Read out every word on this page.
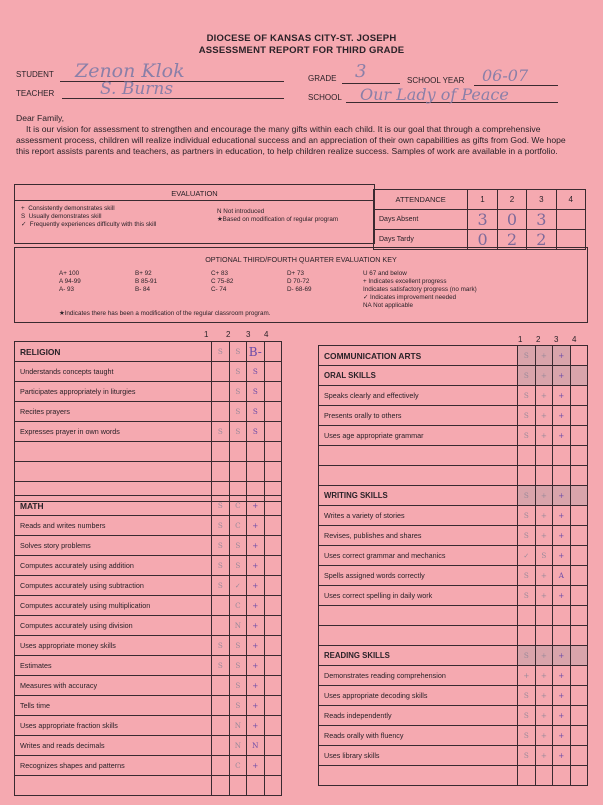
DIOCESE OF KANSAS CITY-ST. JOSEPH
ASSESSMENT REPORT FOR THIRD GRADE
STUDENT Zenon Klok	GRADE 3	SCHOOL YEAR 06-07
TEACHER	S. Burns	SCHOOL Our Lady of Peace
Dear Family,
It is our vision for assessment to strengthen and encourage the many gifts within each child. It is our goal that through a comprehensive assessment process, children will realize individual educational success and an appreciation of their own capabilities as gifts from God. We hope this report assists parents and teachers, as partners in education, to help children realize success. Samples of work are available in a portfolio.
EVALUATION
+ Consistently demonstrates skill
S Usually demonstrates skill
✓ Frequently experiences difficulty with this skill
N Not introduced
★Based on modification of regular program
ATTENDANCE	1	2	3	4
Days Absent	3	0	3	
Days Tardy	0	2	2	
OPTIONAL THIRD/FOURTH QUARTER EVALUATION KEY
A+ 100
A 94-99
A- 93
B+ 92
B 85-91
B- 84
C+ 83
C 75-82
C- 74
D+ 73
D 70-72
D- 68-69
U 67 and below
+ Indicates excellent progress
Indicates satisfactory progress (no mark)
✓ Indicates improvement needed
NA Not applicable
★Indicates there has been a modification of the regular classroom program.
1 2 3 4
1 2 3 4
RELIGION	S	S	B-	
Understands concepts taught		S	S	
Participates appropriately in liturgies		S	S	
Recites prayers		S	S	
Expresses prayer in own words	S	S	S	

MATH	S	C	+	
Reads and writes numbers	S	C	+	
Solves story problems	S	S	+	
Computes accurately using addition	S	S	+	
Computes accurately using subtraction	S	✓	+	
Computes accurately using multiplication		C	+	
Computes accurately using division		N	+	
Uses appropriate money skills	S	S	+	
Estimates	S	S	+	
Measures with accuracy		S	+	
Tells time		S	+	
Uses appropriate fraction skills		N	+	
Writes and reads decimals		N	N	
Recognizes shapes and patterns		C	+	

COMMUNICATION ARTS	S	+	+	
ORAL SKILLS	S	+	+	
Speaks clearly and effectively	S	+	+	
Presents orally to others	S	+	+	
Uses age appropriate grammar	S	+	+	

WRITING SKILLS	S	+	+	
Writes a variety of stories	S	+	+	
Revises, publishes and shares	S	+	+	
Uses correct grammar and mechanics	✓	S	+	
Spells assigned words correctly	S	+	A	
Uses correct spelling in daily work	S	+	+	

READING SKILLS	S	+	+	
Demonstrates reading comprehension	+	+	+	
Uses appropriate decoding skills	S	+	+	
Reads independently	S	+	+	
Reads orally with fluency	S	+	+	
Uses library skills	S	+	+	
